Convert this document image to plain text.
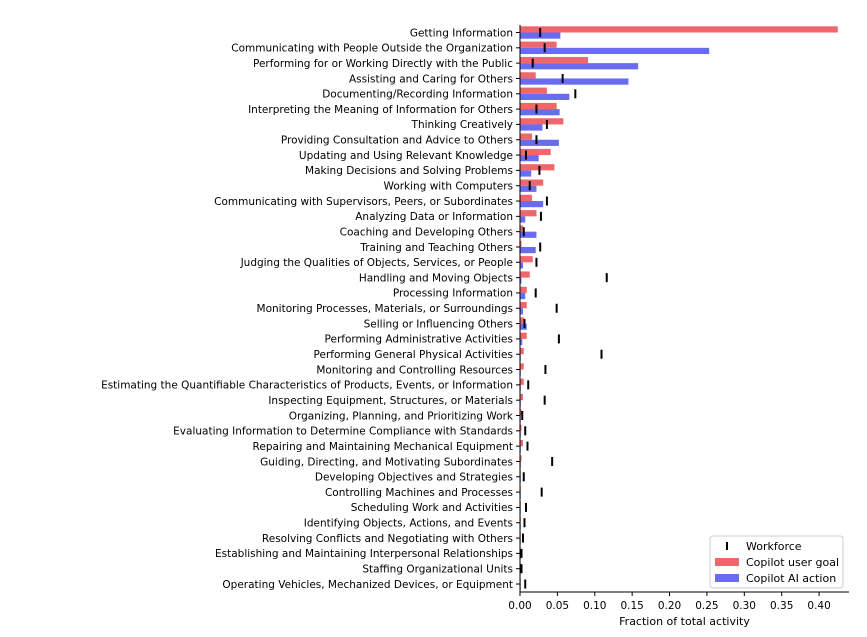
Getting Information
Communicating with People Outside the Organization
Performing for or Working Directly with the Public
Assisting and Caring for Others
Documenting/Recording Information
Interpreting the Meaning of Information for Others
Thinking Creatively
Providing Consultation and Advice to Others
Updating and Using Relevant Knowledge
Making Decisions and Solving Problems
Working with Computers
Communicating with Supervisors, Peers, or Subordinates
Analyzing Data or Information
Coaching and Developing Others
Training and Teaching Others
Judging the Qualities of Objects, Services, or People
Handling and Moving Objects
Processing Information
Monitoring Processes, Materials, or Surroundings
Selling or Influencing Others
Performing Administrative Activities
Performing General Physical Activities
Monitoring and Controlling Resources
Estimating the Quantifiable Characteristics of Products, Events, or Information
Inspecting Equipment, Structures, or Materials
Organizing, Planning, and Prioritizing Work
Evaluating Information to Determine Compliance with Standards
Repairing and Maintaining Mechanical Equipment
Guiding, Directing, and Motivating Subordinates
Developing Objectives and Strategies
Controlling Machines and Processes
Scheduling Work and Activities
Identifying Objects, Actions, and Events
Resolving Conflicts and Negotiating with Others
Establishing and Maintaining Interpersonal Relationships
Staffing Organizational Units
Operating Vehicles, Mechanized Devices, or Equipment
0.00 0.05 0.10 0.15 0.20 0.25 0.30 0.35 0.40
Fraction of total activity
Workforce
Copilot user goal
Copilot AI action
